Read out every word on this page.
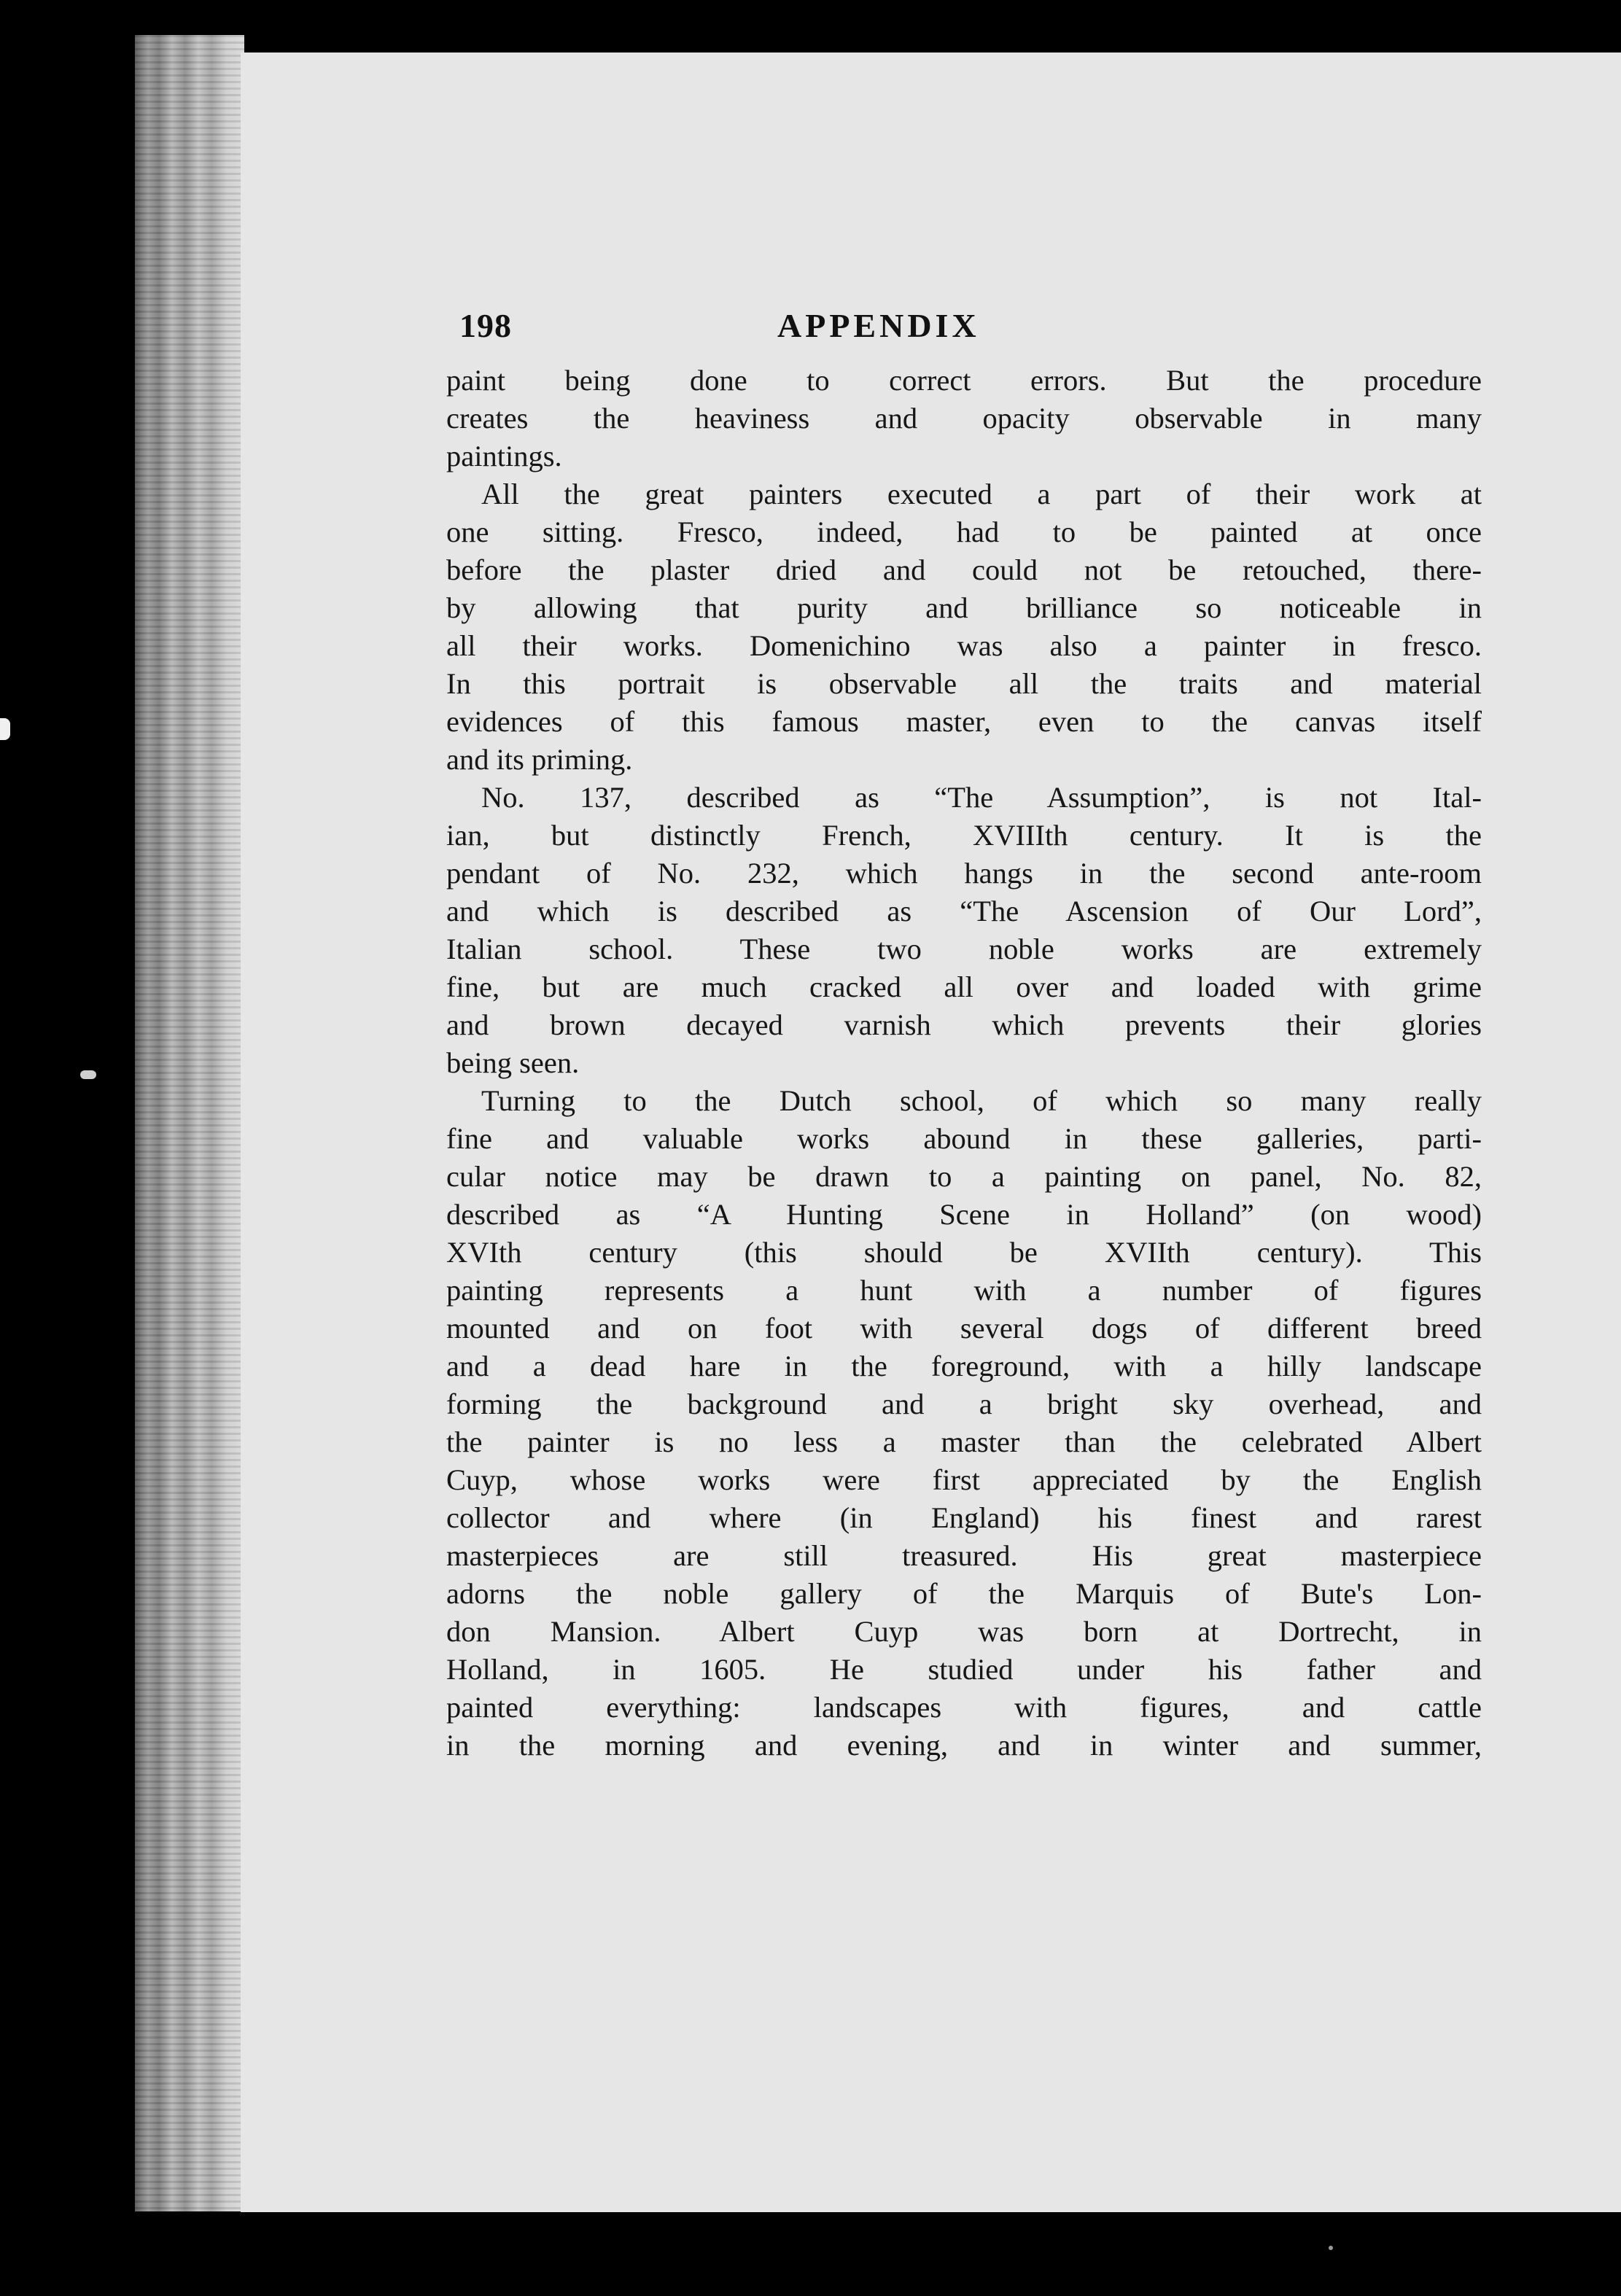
198	APPENDIX
paint being done to correct errors. But the procedure
creates the heaviness and opacity observable in many
paintings.
All the great painters executed a part of their work at
one sitting. Fresco, indeed, had to be painted at once
before the plaster dried and could not be retouched, there-
by allowing that purity and brilliance so noticeable in
all their works. Domenichino was also a painter in fresco.
In this portrait is observable all the traits and material
evidences of this famous master, even to the canvas itself
and its priming.
No. 137, described as “The Assumption”, is not Ital-
ian, but distinctly French, XVIIIth century. It is the
pendant of No. 232, which hangs in the second ante-room
and which is described as “The Ascension of Our Lord”,
Italian school. These two noble works are extremely
fine, but are much cracked all over and loaded with grime
and brown decayed varnish which prevents their glories
being seen.
Turning to the Dutch school, of which so many really
fine and valuable works abound in these galleries, parti-
cular notice may be drawn to a painting on panel, No. 82,
described as “A Hunting Scene in Holland” (on wood)
XVIth century (this should be XVIIth century). This
painting represents a hunt with a number of figures
mounted and on foot with several dogs of different breed
and a dead hare in the foreground, with a hilly landscape
forming the background and a bright sky overhead, and
the painter is no less a master than the celebrated Albert
Cuyp, whose works were first appreciated by the English
collector and where (in England) his finest and rarest
masterpieces are still treasured. His great masterpiece
adorns the noble gallery of the Marquis of Bute's Lon-
don Mansion. Albert Cuyp was born at Dortrecht, in
Holland, in 1605. He studied under his father and
painted everything: landscapes with figures, and cattle
in the morning and evening, and in winter and summer,
